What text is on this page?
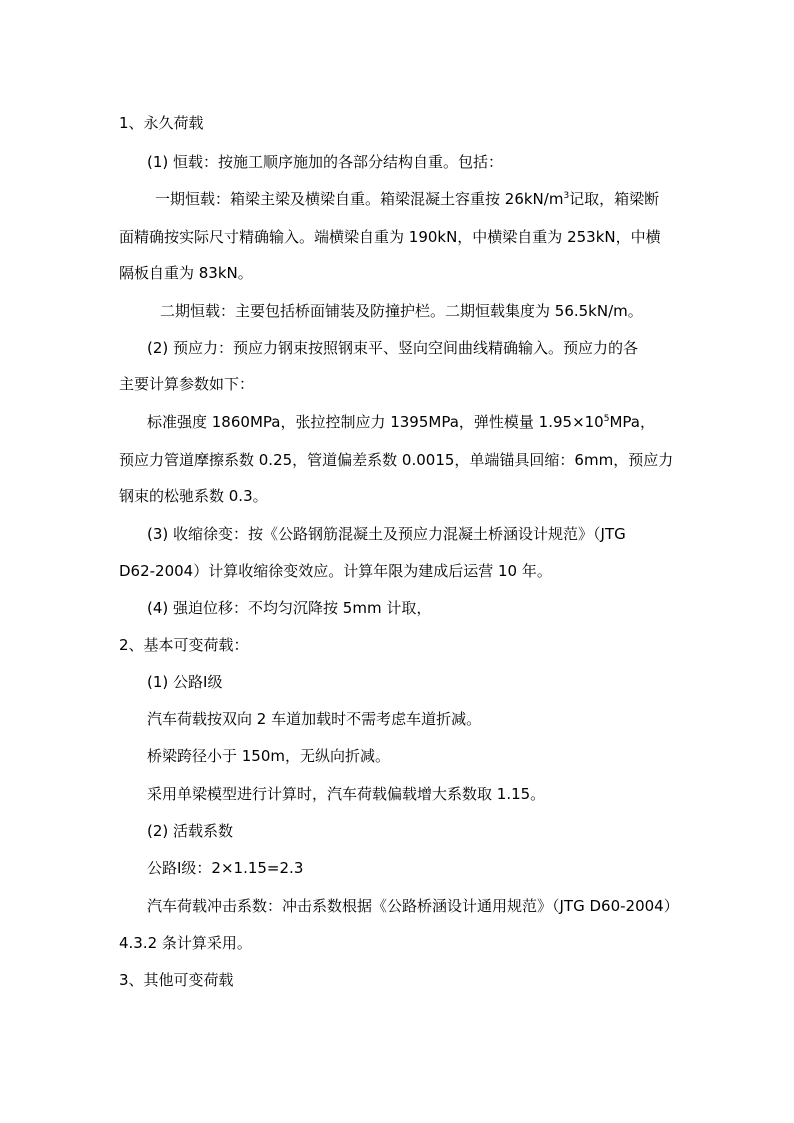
1、永久荷载
(1) 恒载：按施工顺序施加的各部分结构自重。包括：
一期恒载：箱梁主梁及横梁自重。箱梁混凝土容重按 $26kN/m^3$记取，箱梁断
面精确按实际尺寸精确输入。端横梁自重为 190kN，中横梁自重为 253kN，中横
隔板自重为 83kN。
二期恒载：主要包括桥面铺装及防撞护栏。二期恒载集度为 56.5kN/m。
(2) 预应力：预应力钢束按照钢束平、竖向空间曲线精确输入。预应力的各
主要计算参数如下：
标准强度 1860MPa，张拉控制应力 1395MPa，弹性模量 $1.95\times 10^5MPa$，
预应力管道摩擦系数 0.25，管道偏差系数 0.0015，单端锚具回缩：6mm，预应力
钢束的松驰系数 0.3。
(3) 收缩徐变：按《公路钢筋混凝土及预应力混凝土桥涵设计规范》（JTG
D62-2004）计算收缩徐变效应。计算年限为建成后运营 10 年。
(4) 强迫位移：不均匀沉降按 5mm 计取，
2、基本可变荷载：
(1) 公路Ⅰ级
汽车荷载按双向 2 车道加载时不需考虑车道折减。
桥梁跨径小于 150m，无纵向折减。
采用单梁模型进行计算时，汽车荷载偏载增大系数取 1.15。
(2) 活载系数
公路Ⅰ级：2×1.15=2.3
汽车荷载冲击系数：冲击系数根据《公路桥涵设计通用规范》（JTG D60-2004）
4.3.2 条计算采用。
3、其他可变荷载
